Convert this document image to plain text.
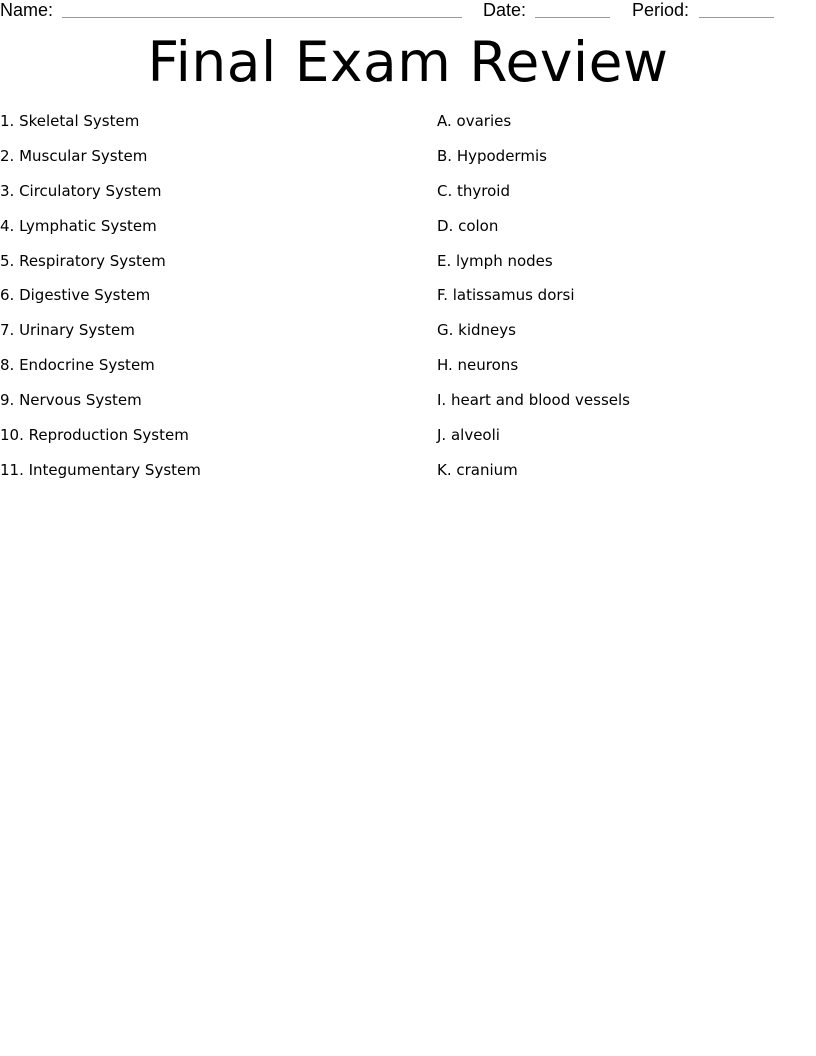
Name:	Date:	Period:
Final Exam Review
1. Skeletal System
2. Muscular System
3. Circulatory System
4. Lymphatic System
5. Respiratory System
6. Digestive System
7. Urinary System
8. Endocrine System
9. Nervous System
10. Reproduction System
11. Integumentary System
A. ovaries
B. Hypodermis
C. thyroid
D. colon
E. lymph nodes
F. latissamus dorsi
G. kidneys
H. neurons
I. heart and blood vessels
J. alveoli
K. cranium
